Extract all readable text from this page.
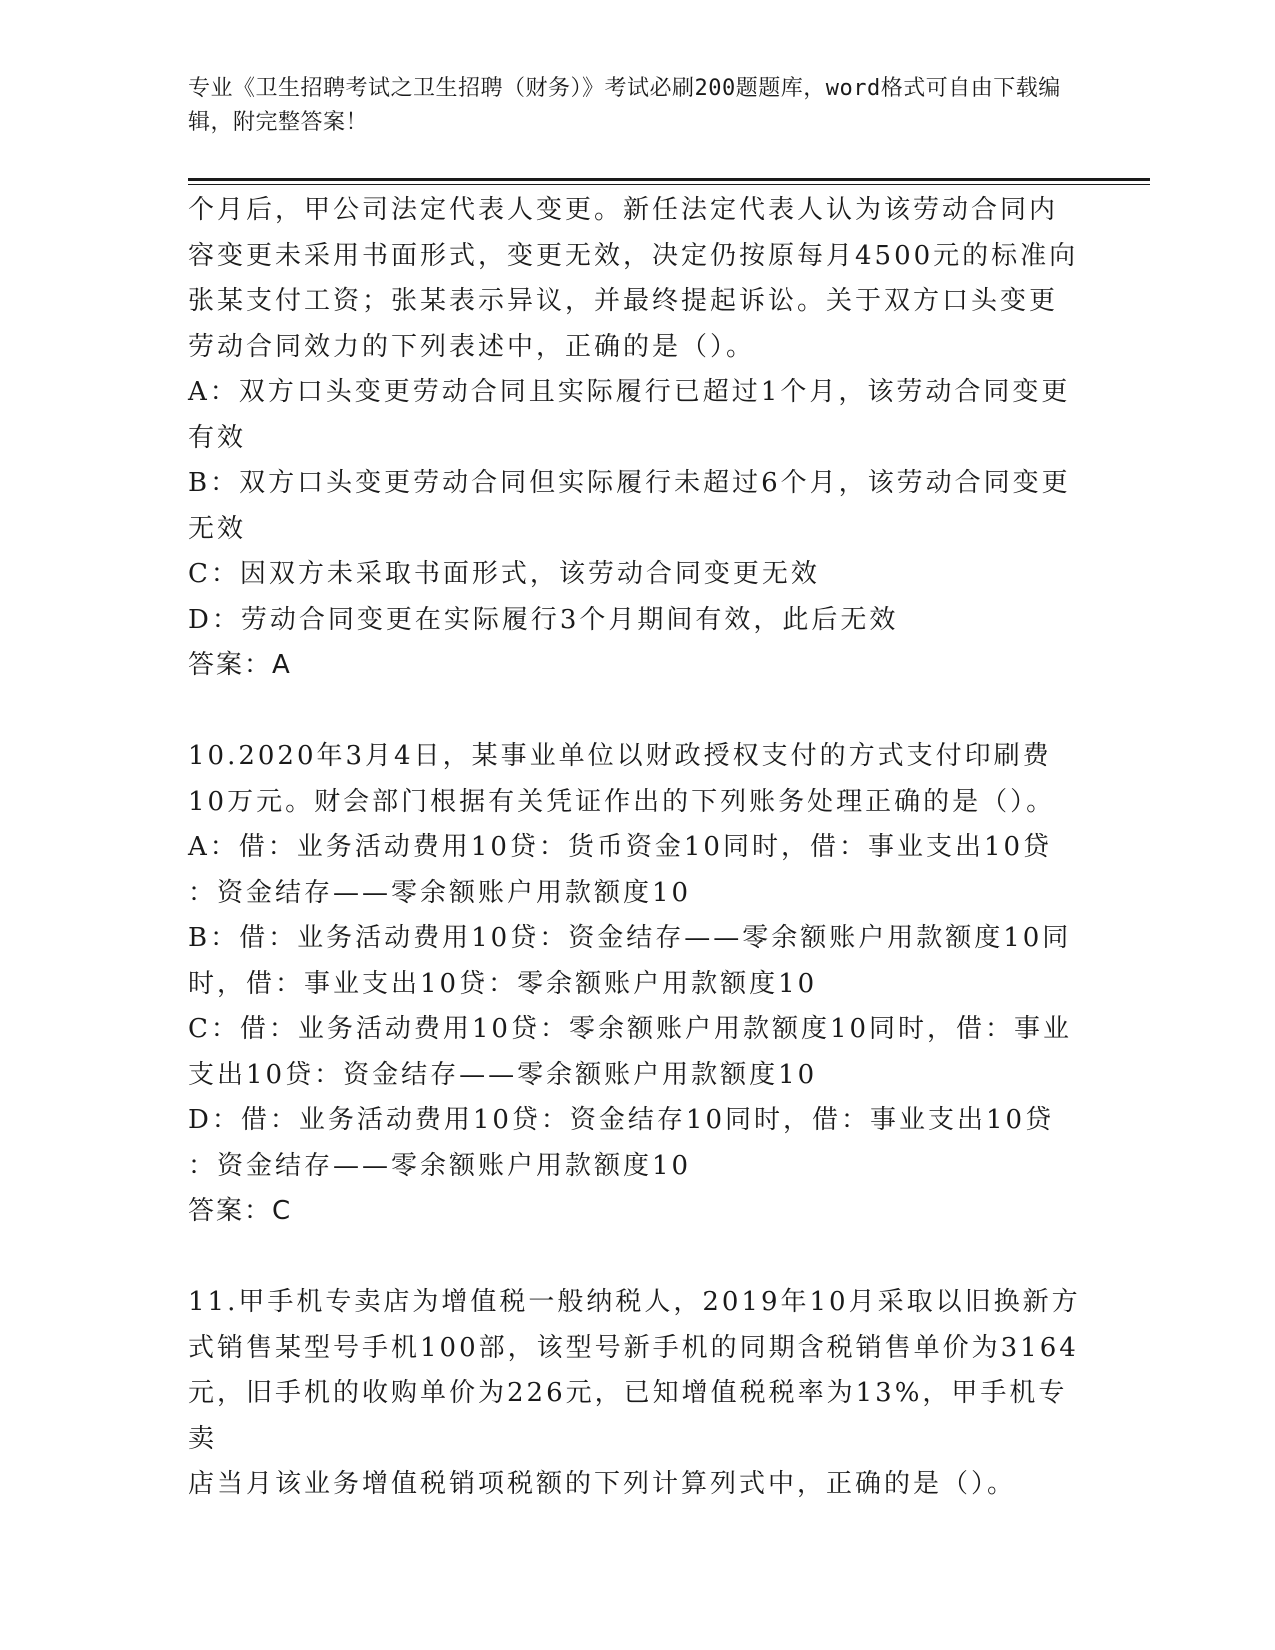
专业《卫生招聘考试之卫生招聘（财务）》考试必刷200题题库，word格式可自由下载编辑，附完整答案！

个月后，甲公司法定代表人变更。新任法定代表人认为该劳动合同内

容变更未采用书面形式，变更无效，决定仍按原每月4500元的标准向

张某支付工资；张某表示异议，并最终提起诉讼。关于双方口头变更

劳动合同效力的下列表述中，正确的是（）。

A：双方口头变更劳动合同且实际履行已超过1个月，该劳动合同变更

有效

B：双方口头变更劳动合同但实际履行未超过6个月，该劳动合同变更

无效

C：因双方未采取书面形式，该劳动合同变更无效

D：劳动合同变更在实际履行3个月期间有效，此后无效

答案：A

10.2020年3月4日，某事业单位以财政授权支付的方式支付印刷费

10万元。财会部门根据有关凭证作出的下列账务处理正确的是（）。

A：借：业务活动费用10贷：货币资金10同时，借：事业支出10贷

：资金结存——零余额账户用款额度10

B：借：业务活动费用10贷：资金结存——零余额账户用款额度10同

时，借：事业支出10贷：零余额账户用款额度10

C：借：业务活动费用10贷：零余额账户用款额度10同时，借：事业

支出10贷：资金结存——零余额账户用款额度10

D：借：业务活动费用10贷：资金结存10同时，借：事业支出10贷

：资金结存——零余额账户用款额度10

答案：C

11.甲手机专卖店为增值税一般纳税人，2019年10月采取以旧换新方

式销售某型号手机100部，该型号新手机的同期含税销售单价为3164

元，旧手机的收购单价为226元，已知增值税税率为13%，甲手机专卖

店当月该业务增值税销项税额的下列计算列式中，正确的是（）。
